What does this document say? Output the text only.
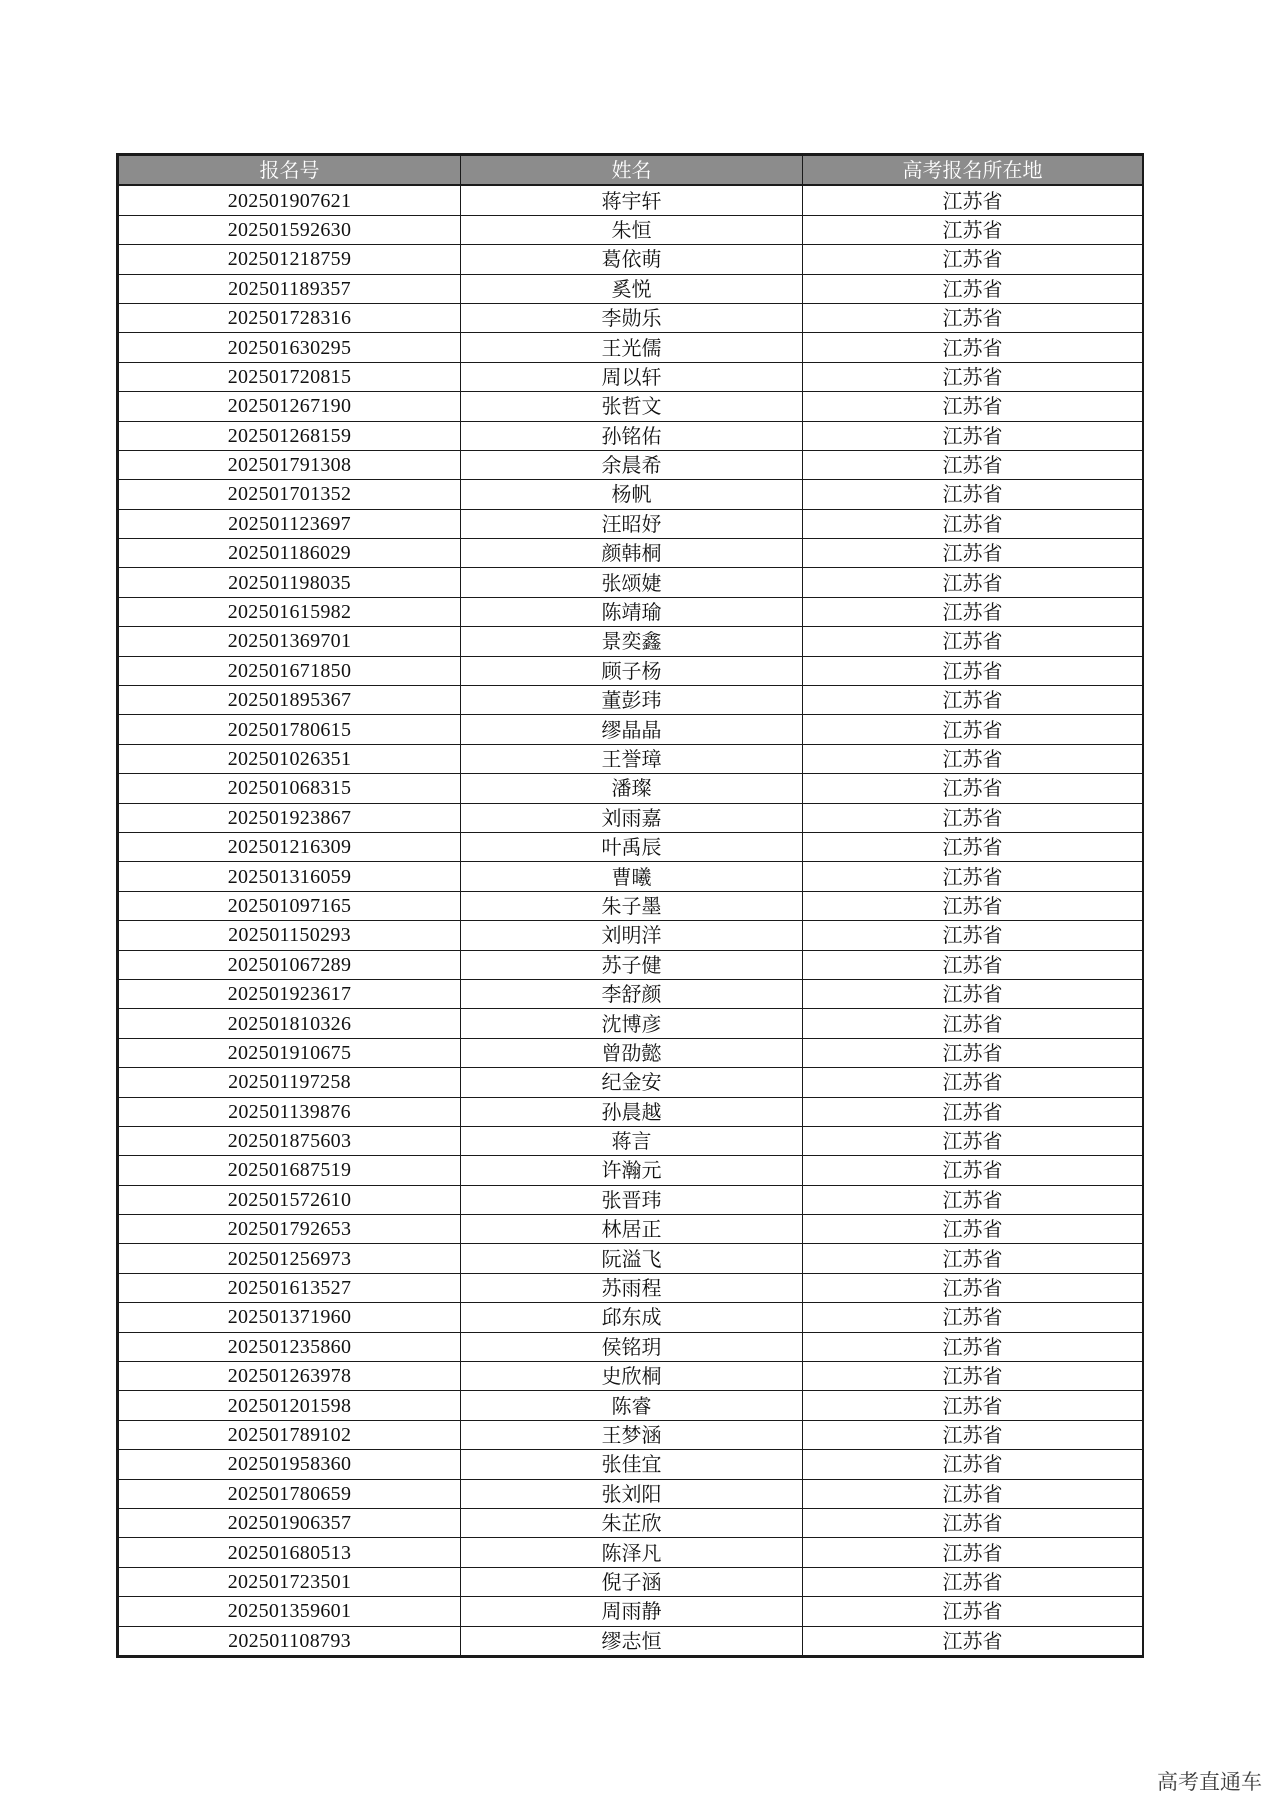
报名号	姓名	高考报名所在地
202501907621	蒋宇轩	江苏省
202501592630	朱恒	江苏省
202501218759	葛依萌	江苏省
202501189357	奚悦	江苏省
202501728316	李勋乐	江苏省
202501630295	王光儒	江苏省
202501720815	周以轩	江苏省
202501267190	张哲文	江苏省
202501268159	孙铭佑	江苏省
202501791308	余晨希	江苏省
202501701352	杨帆	江苏省
202501123697	汪昭妤	江苏省
202501186029	颜韩桐	江苏省
202501198035	张颂婕	江苏省
202501615982	陈靖瑜	江苏省
202501369701	景奕鑫	江苏省
202501671850	顾子杨	江苏省
202501895367	董彭玮	江苏省
202501780615	缪晶晶	江苏省
202501026351	王誉璋	江苏省
202501068315	潘璨	江苏省
202501923867	刘雨嘉	江苏省
202501216309	叶禹辰	江苏省
202501316059	曹曦	江苏省
202501097165	朱子墨	江苏省
202501150293	刘明洋	江苏省
202501067289	苏子健	江苏省
202501923617	李舒颜	江苏省
202501810326	沈博彦	江苏省
202501910675	曾劭懿	江苏省
202501197258	纪金安	江苏省
202501139876	孙晨越	江苏省
202501875603	蒋言	江苏省
202501687519	许瀚元	江苏省
202501572610	张晋玮	江苏省
202501792653	林居正	江苏省
202501256973	阮溢飞	江苏省
202501613527	苏雨程	江苏省
202501371960	邱东成	江苏省
202501235860	侯铭玥	江苏省
202501263978	史欣桐	江苏省
202501201598	陈睿	江苏省
202501789102	王梦涵	江苏省
202501958360	张佳宜	江苏省
202501780659	张刘阳	江苏省
202501906357	朱芷欣	江苏省
202501680513	陈泽凡	江苏省
202501723501	倪子涵	江苏省
202501359601	周雨静	江苏省
202501108793	缪志恒	江苏省
高考直通车
